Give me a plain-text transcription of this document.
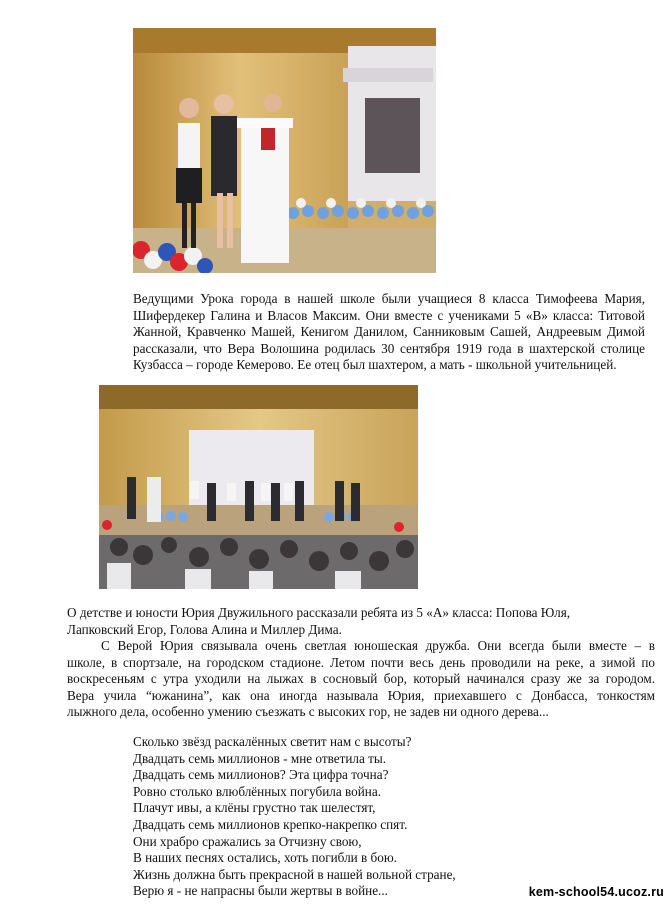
Ведущими Урока города в нашей школе были учащиеся 8 класса Тимофеева Мария,
Шифердекер Галина и Власов Максим. Они вместе с учениками 5 «В» класса: Титовой
Жанной, Кравченко Машей, Кенигом Данилом, Санниковым Сашей, Андреевым Димой
рассказали, что Вера Волошина родилась 30 сентября 1919 года в шахтерской столице
Кузбасса – городе Кемерово. Ее отец был шахтером, а мать - школьной учительницей.

О детстве и юности Юрия Двужильного рассказали ребята из 5 «А» класса: Попова Юля,
Лапковский Егор, Голова Алина и Миллер Дима.

С Верой Юрия связывала очень светлая юношеская дружба. Они всегда были вместе – в
школе, в спортзале, на городском стадионе. Летом почти весь день проводили на реке, а зимой по
воскресеньям с утра уходили на лыжах в сосновый бор, который начинался сразу же за городом.
Вера учила “южанина”, как она иногда называла Юрия, приехавшего с Донбасса, тонкостям
лыжного дела, особенно умению съезжать с высоких гор, не задев ни одного дерева...

Сколько звёзд раскалённых светит нам с высоты?
Двадцать семь миллионов - мне ответила ты.
Двадцать семь миллионов? Эта цифра точна?
Ровно столько влюблённых погубила война.
Плачут ивы, а клёны грустно так шелестят,
Двадцать семь миллионов крепко-накрепко спят.
Они храбро сражались за Отчизну свою,
В наших песнях остались, хоть погибли в бою.
Жизнь должна быть прекрасной в нашей вольной стране,
Верю я - не напрасны были жертвы в войне...	kem-school54.ucoz.ru
